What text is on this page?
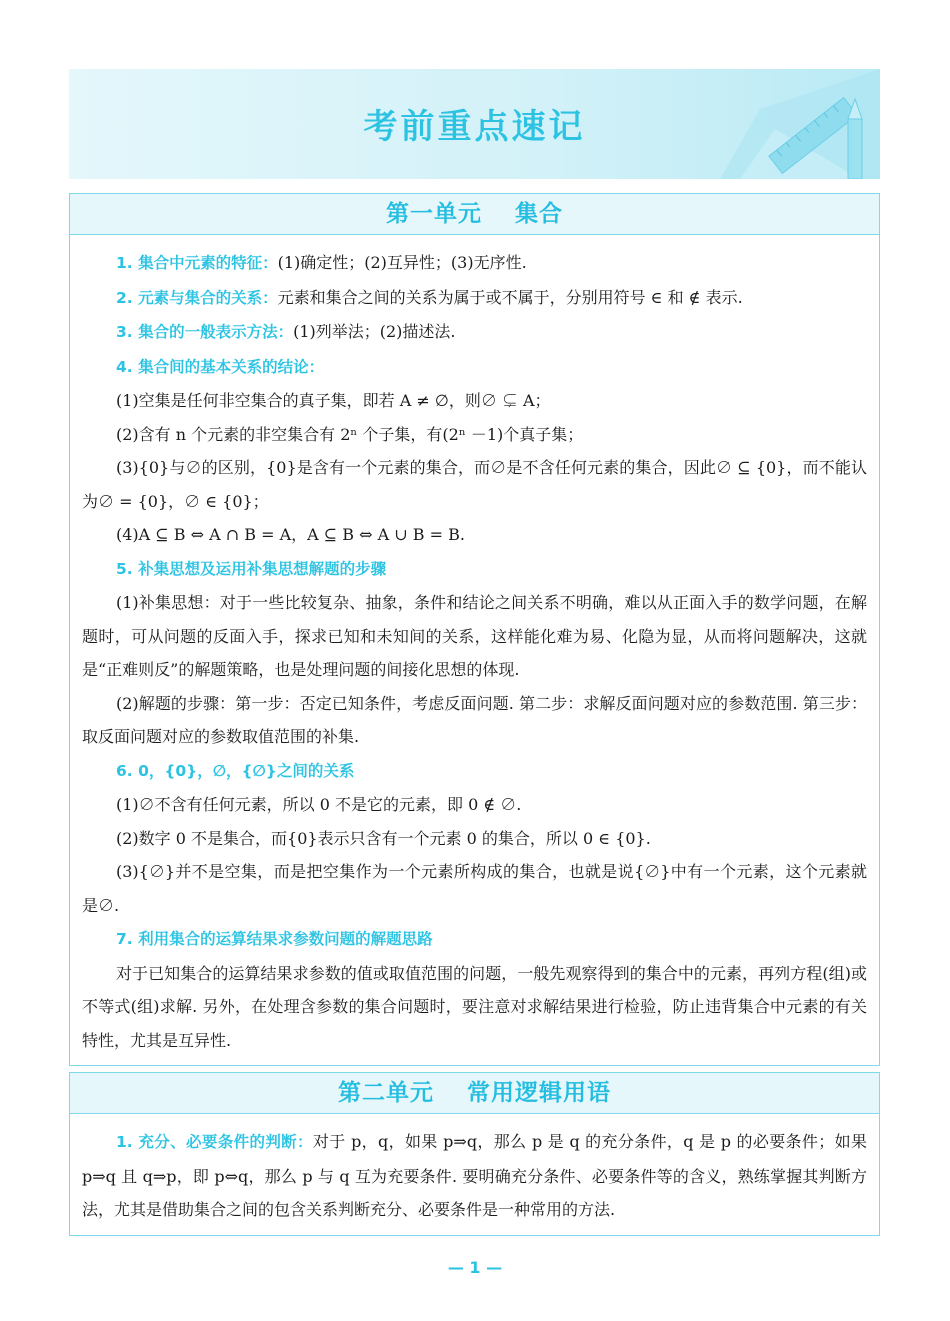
考前重点速记
第一单元　 集合

1. 集合中元素的特征：(1)确定性；(2)互异性；(3)无序性.

2. 元素与集合的关系：元素和集合之间的关系为属于或不属于，分别用符号 ∈ 和 ∉ 表示.

3. 集合的一般表示方法：(1)列举法；(2)描述法.

4. 集合间的基本关系的结论：

(1)空集是任何非空集合的真子集，即若 A ≠ ∅，则∅ ⊊ A；

(2)含有 n 个元素的非空集合有 2ⁿ 个子集，有(2ⁿ －1)个真子集；

(3){0}与∅的区别，{0}是含有一个元素的集合，而∅是不含任何元素的集合，因此∅ ⊆ {0}，而不能认为∅ = {0}，∅ ∈ {0}；

(4)A ⊆ B ⇔ A ∩ B = A，A ⊆ B ⇔ A ∪ B = B.

5. 补集思想及运用补集思想解题的步骤

(1)补集思想：对于一些比较复杂、抽象，条件和结论之间关系不明确，难以从正面入手的数学问题，在解题时，可从问题的反面入手，探求已知和未知间的关系，这样能化难为易、化隐为显，从而将问题解决，这就是“正难则反”的解题策略，也是处理问题的间接化思想的体现.

(2)解题的步骤：第一步：否定已知条件，考虑反面问题. 第二步：求解反面问题对应的参数范围. 第三步：取反面问题对应的参数取值范围的补集.

6. 0，{0}，∅，{∅}之间的关系

(1)∅不含有任何元素，所以 0 不是它的元素，即 0 ∉ ∅.

(2)数字 0 不是集合，而{0}表示只含有一个元素 0 的集合，所以 0 ∈ {0}.

(3){∅}并不是空集，而是把空集作为一个元素所构成的集合，也就是说{∅}中有一个元素，这个元素就是∅.

7. 利用集合的运算结果求参数问题的解题思路

对于已知集合的运算结果求参数的值或取值范围的问题，一般先观察得到的集合中的元素，再列方程(组)或不等式(组)求解. 另外，在处理含参数的集合问题时，要注意对求解结果进行检验，防止违背集合中元素的有关特性，尤其是互异性.

第二单元　 常用逻辑用语

1. 充分、必要条件的判断：对于 p，q，如果 p⇒q，那么 p 是 q 的充分条件，q 是 p 的必要条件；如果 p⇒q 且 q⇒p，即 p⇔q，那么 p 与 q 互为充要条件. 要明确充分条件、必要条件等的含义，熟练掌握其判断方法，尤其是借助集合之间的包含关系判断充分、必要条件是一种常用的方法.

— 1 —
